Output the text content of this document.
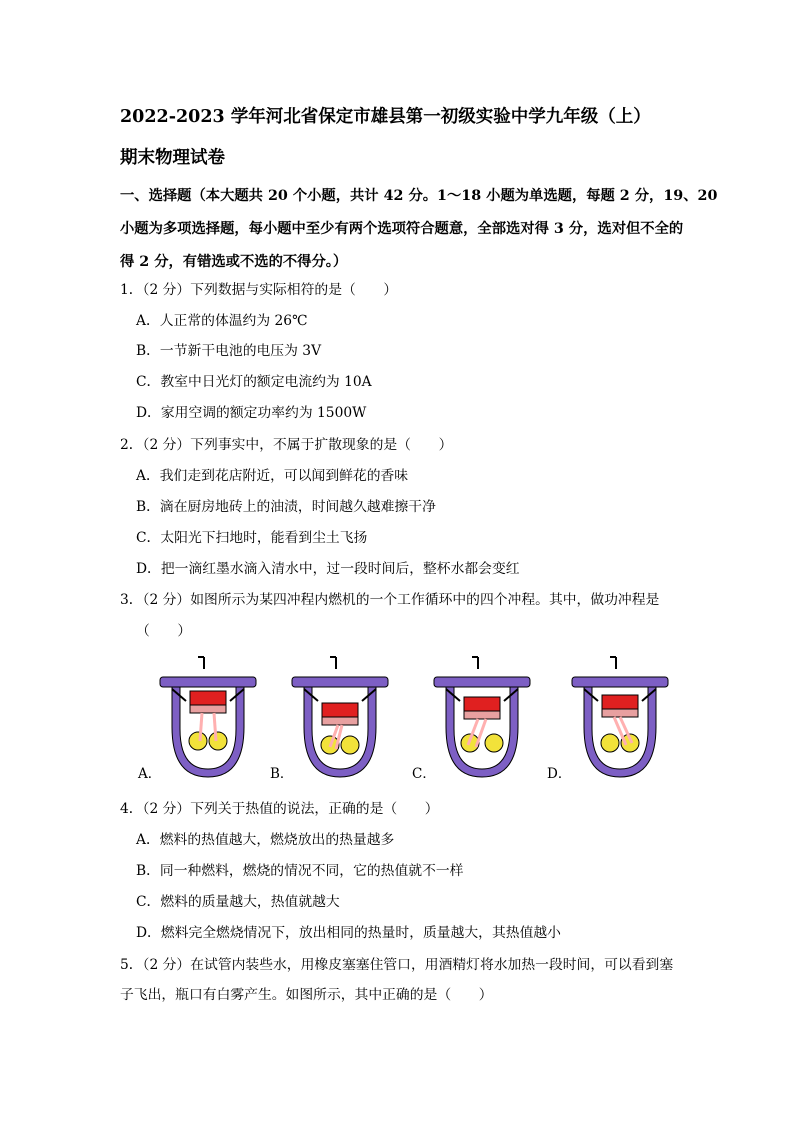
2022-2023 学年河北省保定市雄县第一初级实验中学九年级（上）
期末物理试卷
一、选择题（本大题共 20 个小题，共计 42 分。1～18 小题为单选题，每题 2 分，19、20
小题为多项选择题，每小题中至少有两个选项符合题意，全部选对得 3 分，选对但不全的
得 2 分，有错选或不选的不得分。）
1．（2 分）下列数据与实际相符的是（　　）
A．人正常的体温约为 26℃
B．一节新干电池的电压为 3V
C．教室中日光灯的额定电流约为 10A
D．家用空调的额定功率约为 1500W
2．（2 分）下列事实中，不属于扩散现象的是（　　）
A．我们走到花店附近，可以闻到鲜花的香味
B．滴在厨房地砖上的油渍，时间越久越难擦干净
C．太阳光下扫地时，能看到尘土飞扬
D．把一滴红墨水滴入清水中，过一段时间后，整杯水都会变红
3．（2 分）如图所示为某四冲程内燃机的一个工作循环中的四个冲程。其中，做功冲程是
（　　）
A．	B．	C．	D．
4．（2 分）下列关于热值的说法，正确的是（　　）
A．燃料的热值越大，燃烧放出的热量越多
B．同一种燃料，燃烧的情况不同，它的热值就不一样
C．燃料的质量越大，热值就越大
D．燃料完全燃烧情况下，放出相同的热量时，质量越大，其热值越小
5．（2 分）在试管内装些水，用橡皮塞塞住管口，用酒精灯将水加热一段时间，可以看到塞
子飞出，瓶口有白雾产生。如图所示，其中正确的是（　　）
